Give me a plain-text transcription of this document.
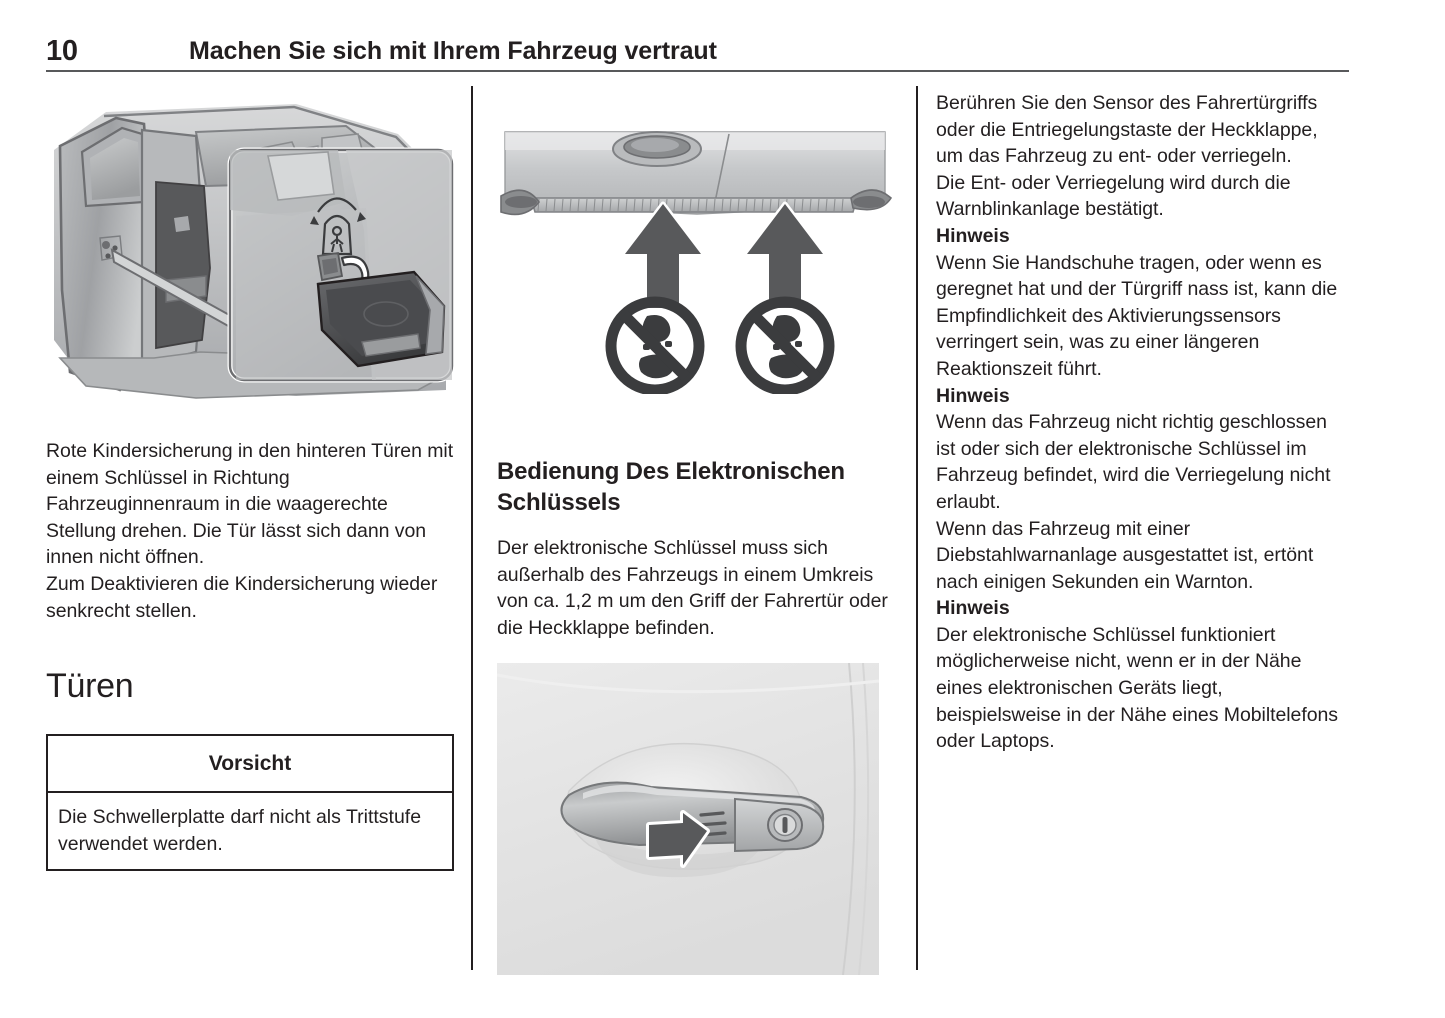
10	Machen Sie sich mit Ihrem Fahrzeug vertraut
Rote Kindersicherung in den hinteren Türen mit einem Schlüssel in Richtung Fahrzeuginnenraum in die waagerechte Stellung drehen. Die Tür lässt sich dann von innen nicht öffnen.
Zum Deaktivieren die Kindersicherung wieder senkrecht stellen.
Türen
Vorsicht
Die Schwellerplatte darf nicht als Trittstufe verwendet werden.
Bedienung Des Elektronischen Schlüssels
Der elektronische Schlüssel muss sich außerhalb des Fahrzeugs in einem Umkreis von ca. 1,2 m um den Griff der Fahrertür oder die Heckklappe befinden.
Berühren Sie den Sensor des Fahrertürgriffs oder die Entriegelungstaste der Heckklappe, um das Fahrzeug zu ent- oder verriegeln.
Die Ent- oder Verriegelung wird durch die Warnblinkanlage bestätigt.
Hinweis
Wenn Sie Handschuhe tragen, oder wenn es geregnet hat und der Türgriff nass ist, kann die Empfindlichkeit des Aktivierungssensors verringert sein, was zu einer längeren Reaktionszeit führt.
Hinweis
Wenn das Fahrzeug nicht richtig geschlossen ist oder sich der elektronische Schlüssel im Fahrzeug befindet, wird die Verriegelung nicht erlaubt.
Wenn das Fahrzeug mit einer Diebstahlwarnanlage ausgestattet ist, ertönt nach einigen Sekunden ein Warnton.
Hinweis
Der elektronische Schlüssel funktioniert möglicherweise nicht, wenn er in der Nähe eines elektronischen Geräts liegt, beispielsweise in der Nähe eines Mobiltelefons oder Laptops.
